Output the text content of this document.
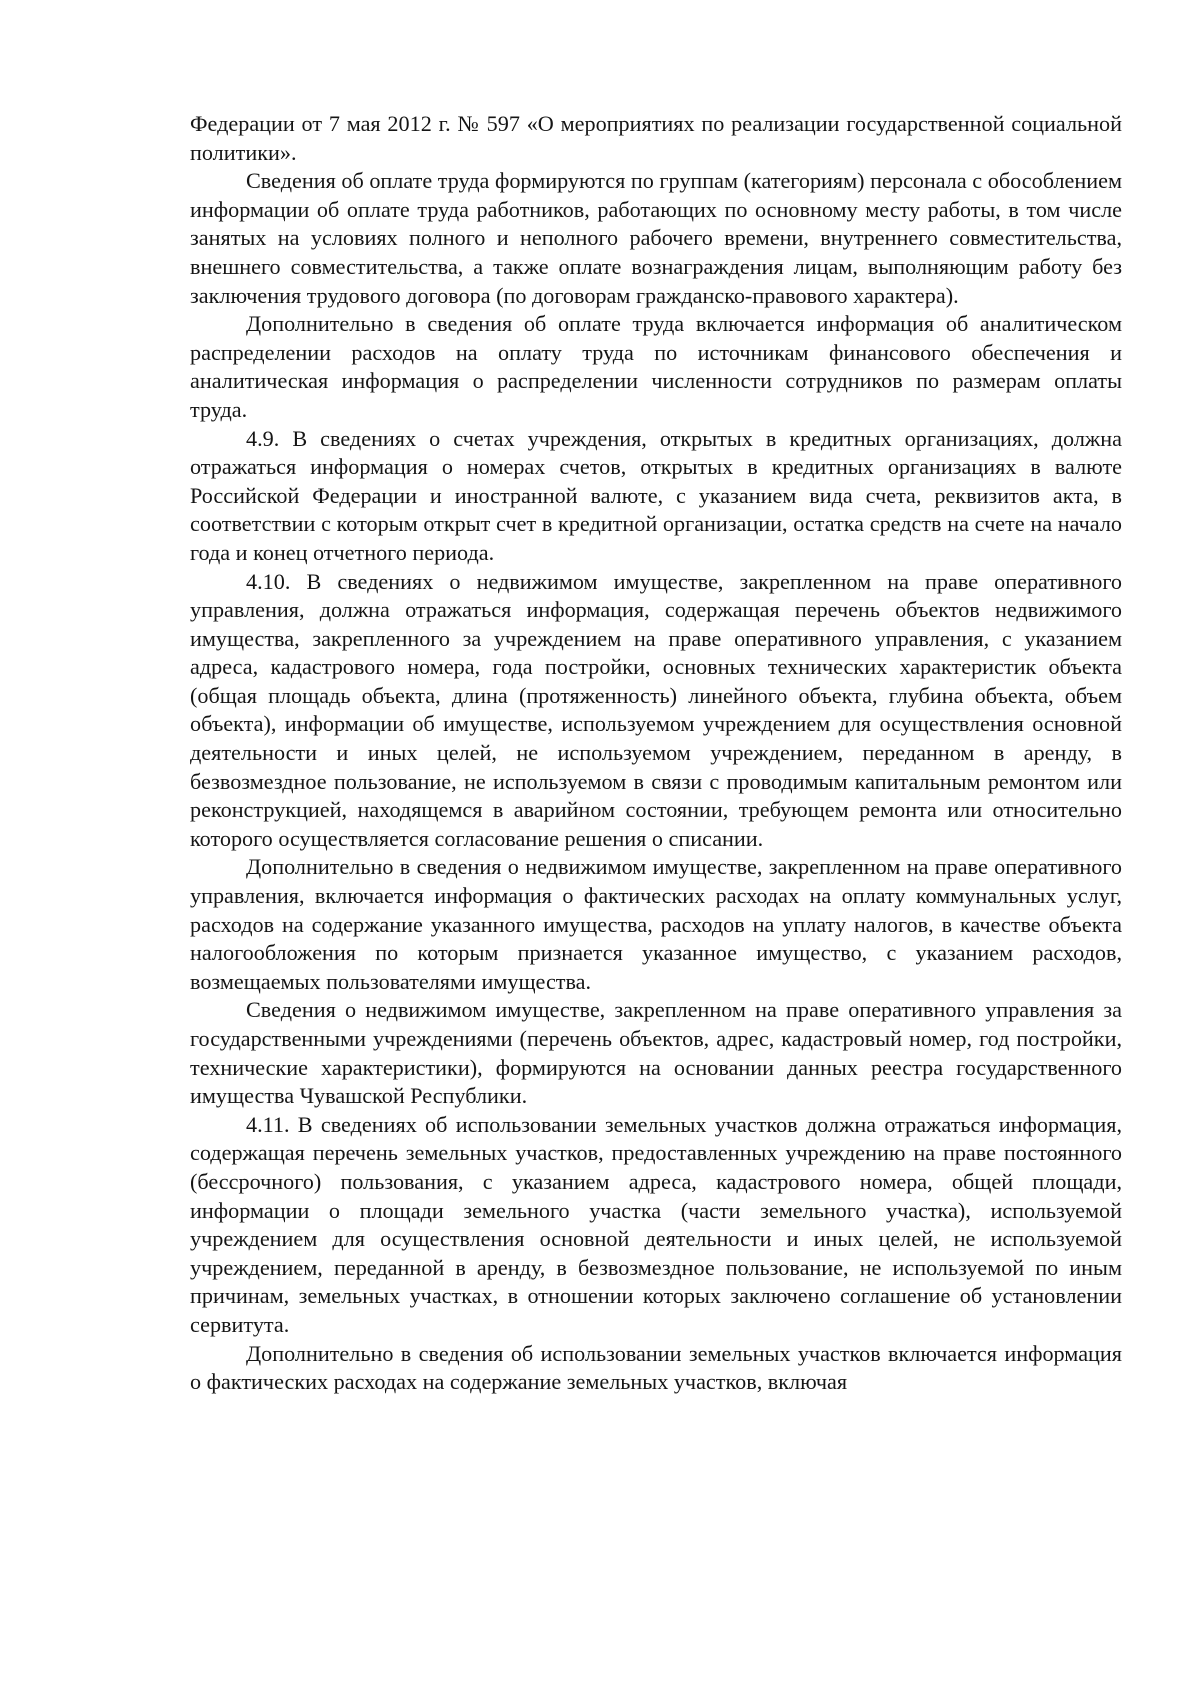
Федерации от 7 мая 2012 г. № 597 «О мероприятиях по реализации государственной социальной политики».

Сведения об оплате труда формируются по группам (категориям) персонала с обособлением информации об оплате труда работников, работающих по основному месту работы, в том числе занятых на условиях полного и неполного рабочего времени, внутреннего совместительства, внешнего совместительства, а также оплате вознаграждения лицам, выполняющим работу без заключения трудового договора (по договорам гражданско-правового характера).

Дополнительно в сведения об оплате труда включается информация об аналитическом распределении расходов на оплату труда по источникам финансового обеспечения и аналитическая информация о распределении численности сотрудников по размерам оплаты труда.

4.9. В сведениях о счетах учреждения, открытых в кредитных организациях, должна отражаться информация о номерах счетов, открытых в кредитных организациях в валюте Российской Федерации и иностранной валюте, с указанием вида счета, реквизитов акта, в соответствии с которым открыт счет в кредитной организации, остатка средств на счете на начало года и конец отчетного периода.

4.10. В сведениях о недвижимом имуществе, закрепленном на праве оперативного управления, должна отражаться информация, содержащая перечень объектов недвижимого имущества, закрепленного за учреждением на праве оперативного управления, с указанием адреса, кадастрового номера, года постройки, основных технических характеристик объекта (общая площадь объекта, длина (протяженность) линейного объекта, глубина объекта, объем объекта), информации об имуществе, используемом учреждением для осуществления основной деятельности и иных целей, не используемом учреждением, переданном в аренду, в безвозмездное пользование, не используемом в связи с проводимым капитальным ремонтом или реконструкцией, находящемся в аварийном состоянии, требующем ремонта или относительно которого осуществляется согласование решения о списании.

Дополнительно в сведения о недвижимом имуществе, закрепленном на праве оперативного управления, включается информация о фактических расходах на оплату коммунальных услуг, расходов на содержание указанного имущества, расходов на уплату налогов, в качестве объекта налогообложения по которым признается указанное имущество, с указанием расходов, возмещаемых пользователями имущества.

Сведения о недвижимом имуществе, закрепленном на праве оперативного управления за государственными учреждениями (перечень объектов, адрес, кадастровый номер, год постройки, технические характеристики), формируются на основании данных реестра государственного имущества Чувашской Республики.

4.11. В сведениях об использовании земельных участков должна отражаться информация, содержащая перечень земельных участков, предоставленных учреждению на праве постоянного (бессрочного) пользования, с указанием адреса, кадастрового номера, общей площади, информации о площади земельного участка (части земельного участка), используемой учреждением для осуществления основной деятельности и иных целей, не используемой учреждением, переданной в аренду, в безвозмездное пользование, не используемой по иным причинам, земельных участках, в отношении которых заключено соглашение об установлении сервитута.

Дополнительно в сведения об использовании земельных участков включается информация о фактических расходах на содержание земельных участков, включая
